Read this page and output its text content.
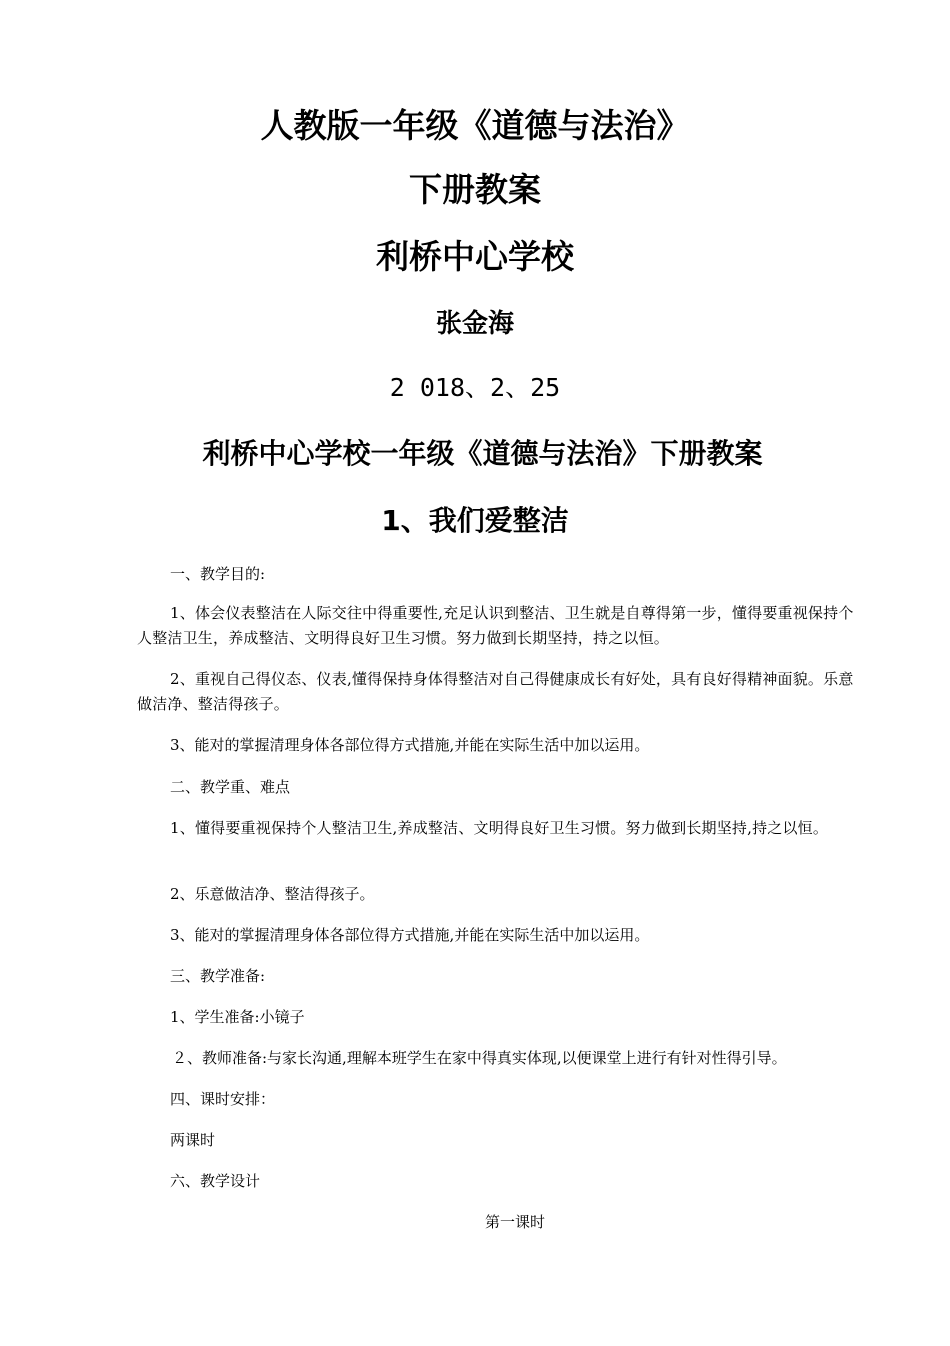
人教版一年级《道德与法治》
下册教案
利桥中心学校
张金海
2 018、2、25
利桥中心学校一年级《道德与法治》下册教案
1、我们爱整洁

一、教学目的:

1、体会仪表整洁在人际交往中得重要性,充足认识到整洁、卫生就是自尊得第一步，懂得要重视保持个人整洁卫生，养成整洁、文明得良好卫生习惯。努力做到长期坚持，持之以恒。

2、重视自己得仪态、仪表,懂得保持身体得整洁对自己得健康成长有好处，具有良好得精神面貌。乐意做洁净、整洁得孩子。

3、能对的掌握清理身体各部位得方式措施,并能在实际生活中加以运用。

二、教学重、难点

1、懂得要重视保持个人整洁卫生,养成整洁、文明得良好卫生习惯。努力做到长期坚持,持之以恒。

2、乐意做洁净、整洁得孩子。

3、能对的掌握清理身体各部位得方式措施,并能在实际生活中加以运用。

三、教学准备:

1、学生准备:小镜子

２、教师准备:与家长沟通,理解本班学生在家中得真实体现,以便课堂上进行有针对性得引导。

四、课时安排：

两课时

六、教学设计

第一课时
